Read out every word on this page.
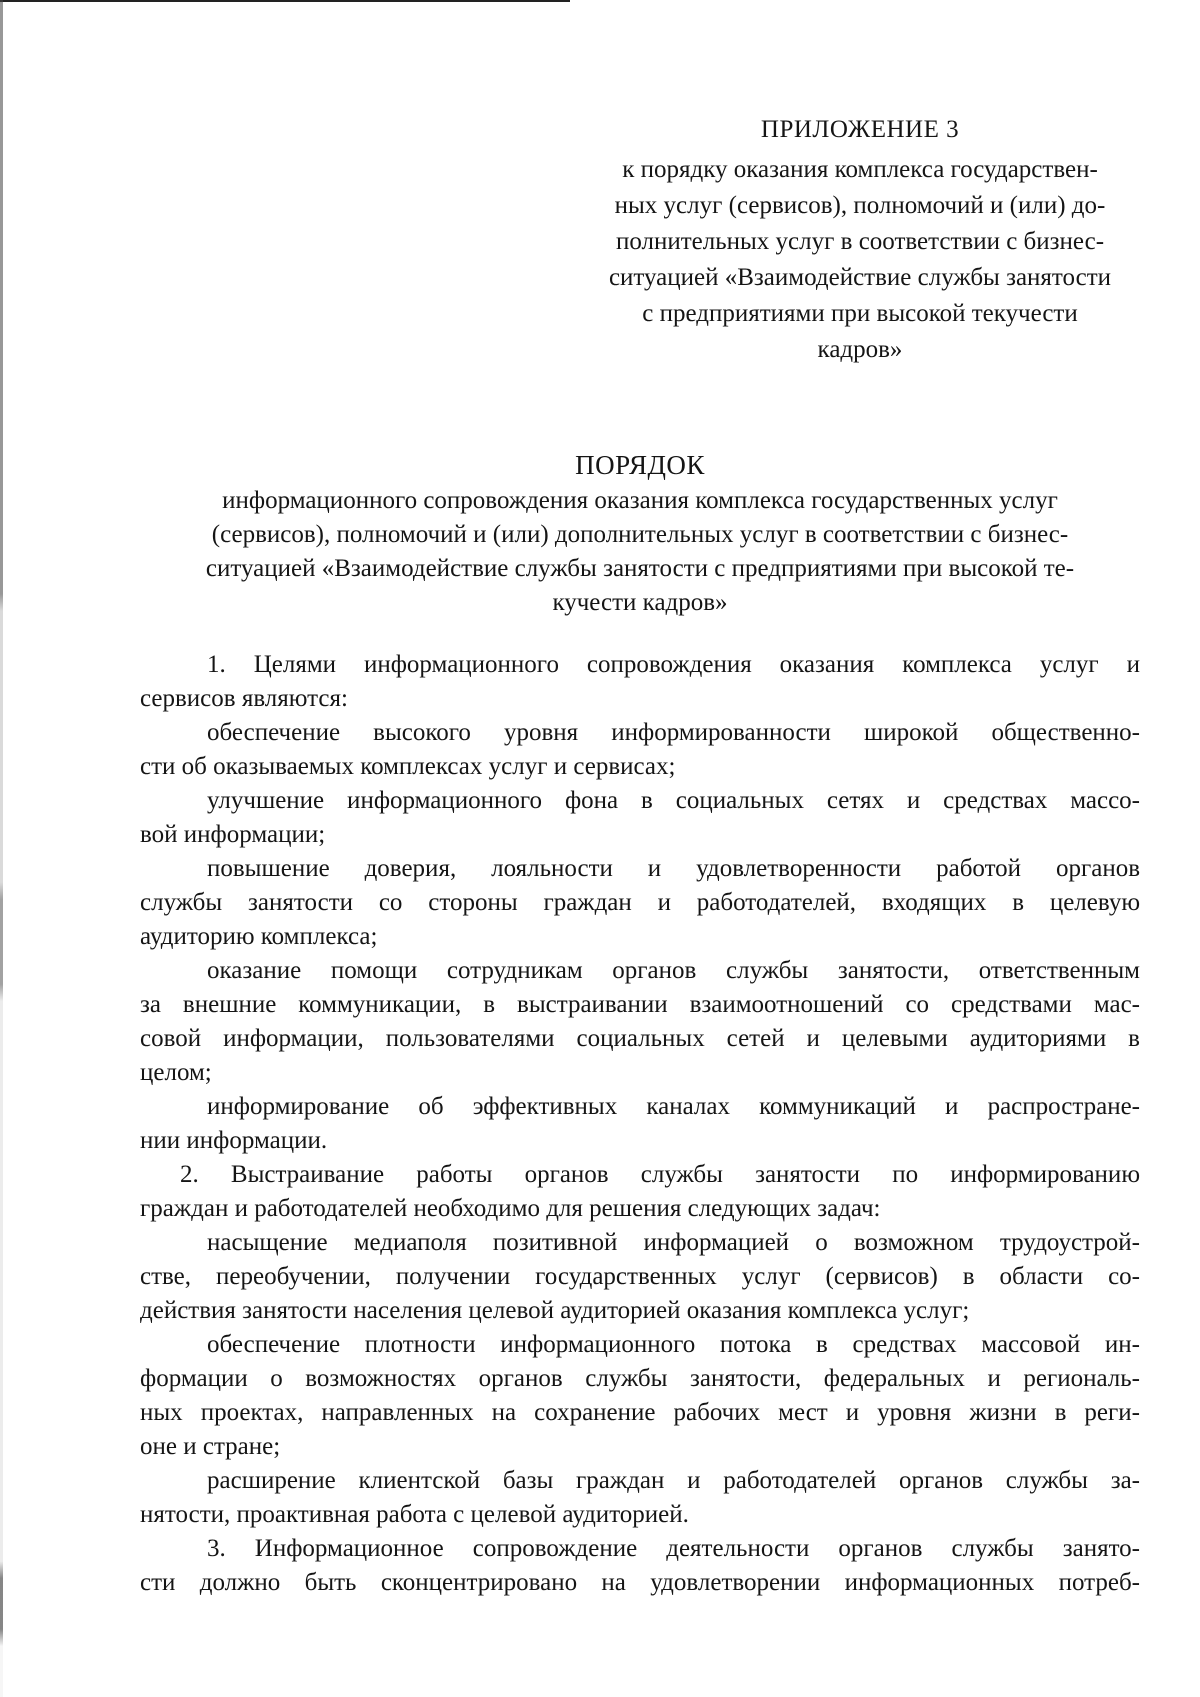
ПРИЛОЖЕНИЕ 3
к порядку оказания комплекса государствен-
ных услуг (сервисов), полномочий и (или) до-
полнительных услуг в соответствии с бизнес-
ситуацией «Взаимодействие службы занятости
с предприятиями при высокой текучести
кадров»
ПОРЯДОК
информационного сопровождения оказания комплекса государственных услуг
(сервисов), полномочий и (или) дополнительных услуг в соответствии с бизнес-
ситуацией «Взаимодействие службы занятости с предприятиями при высокой те-
кучести кадров»
1. Целями информационного сопровождения оказания комплекса услуг и
сервисов являются:
обеспечение высокого уровня информированности широкой общественно-
сти об оказываемых комплексах услуг и сервисах;
улучшение информационного фона в социальных сетях и средствах массо-
вой информации;
повышение доверия, лояльности и удовлетворенности работой органов
службы занятости со стороны граждан и работодателей, входящих в целевую
аудиторию комплекса;
оказание помощи сотрудникам органов службы занятости, ответственным
за внешние коммуникации, в выстраивании взаимоотношений со средствами мас-
совой информации, пользователями социальных сетей и целевыми аудиториями в
целом;
информирование об эффективных каналах коммуникаций и распростране-
нии информации.
2. Выстраивание работы органов службы занятости по информированию
граждан и работодателей необходимо для решения следующих задач:
насыщение медиаполя позитивной информацией о возможном трудоустрой-
стве, переобучении, получении государственных услуг (сервисов) в области со-
действия занятости населения целевой аудиторией оказания комплекса услуг;
обеспечение плотности информационного потока в средствах массовой ин-
формации о возможностях органов службы занятости, федеральных и региональ-
ных проектах, направленных на сохранение рабочих мест и уровня жизни в реги-
оне и стране;
расширение клиентской базы граждан и работодателей органов службы за-
нятости, проактивная работа с целевой аудиторией.
3. Информационное сопровождение деятельности органов службы занято-
сти должно быть сконцентрировано на удовлетворении информационных потреб-
